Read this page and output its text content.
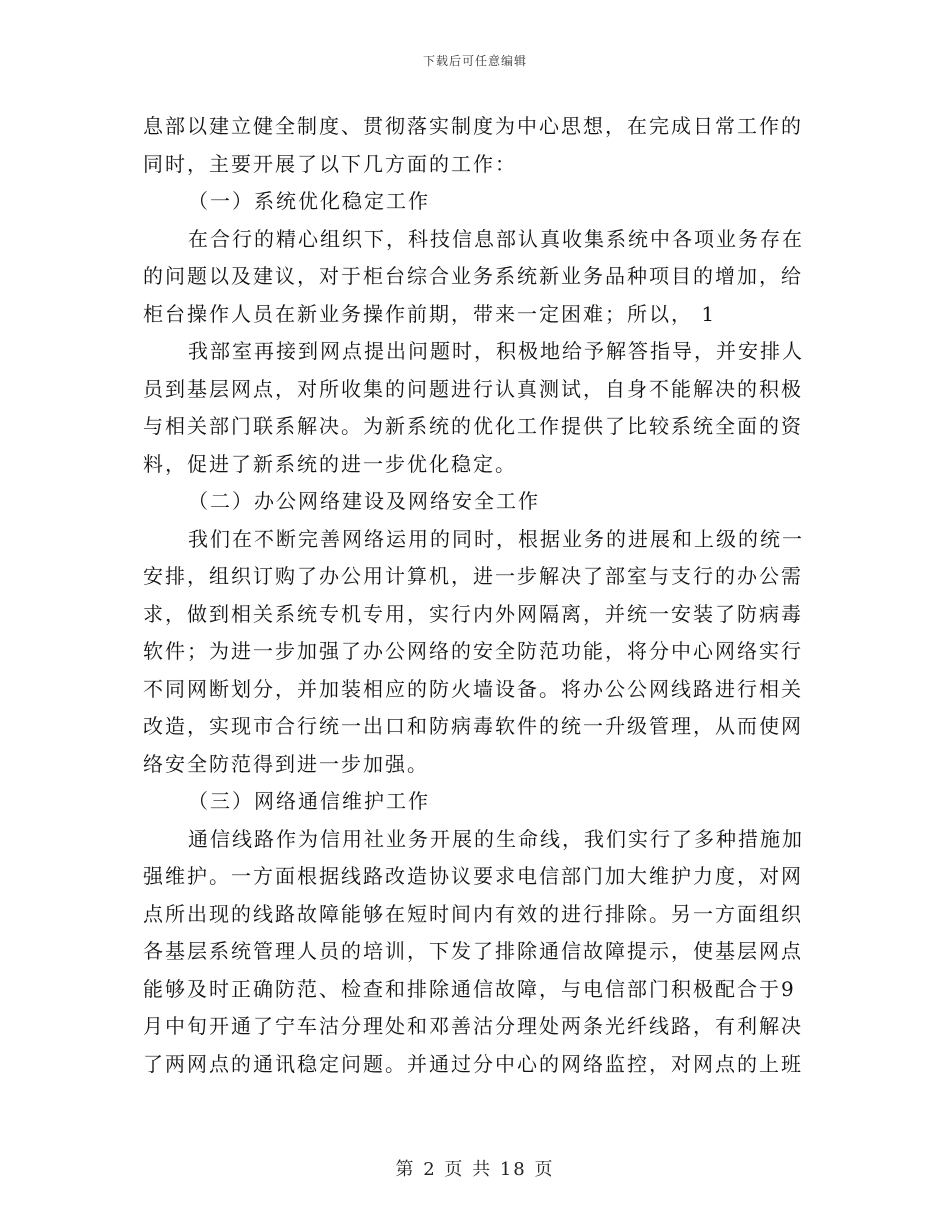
下载后可任意编辑
息部以建立健全制度、贯彻落实制度为中心思想，在完成日常工作的
同时，主要开展了以下几方面的工作：
（一）系统优化稳定工作
在合行的精心组织下，科技信息部认真收集系统中各项业务存在
的问题以及建议，对于柜台综合业务系统新业务品种项目的增加，给
柜台操作人员在新业务操作前期，带来一定困难；所以， 1
我部室再接到网点提出问题时，积极地给予解答指导，并安排人
员到基层网点，对所收集的问题进行认真测试，自身不能解决的积极
与相关部门联系解决。为新系统的优化工作提供了比较系统全面的资
料，促进了新系统的进一步优化稳定。
（二）办公网络建设及网络安全工作
我们在不断完善网络运用的同时，根据业务的进展和上级的统一
安排，组织订购了办公用计算机，进一步解决了部室与支行的办公需
求，做到相关系统专机专用，实行内外网隔离，并统一安装了防病毒
软件；为进一步加强了办公网络的安全防范功能，将分中心网络实行
不同网断划分，并加装相应的防火墙设备。将办公公网线路进行相关
改造，实现市合行统一出口和防病毒软件的统一升级管理，从而使网
络安全防范得到进一步加强。
（三）网络通信维护工作
通信线路作为信用社业务开展的生命线，我们实行了多种措施加
强维护。一方面根据线路改造协议要求电信部门加大维护力度，对网
点所出现的线路故障能够在短时间内有效的进行排除。另一方面组织
各基层系统管理人员的培训，下发了排除通信故障提示，使基层网点
能够及时正确防范、检查和排除通信故障，与电信部门积极配合于9
月中旬开通了宁车沽分理处和邓善沽分理处两条光纤线路，有利解决
了两网点的通讯稳定问题。并通过分中心的网络监控，对网点的上班
第 2 页 共 18 页
